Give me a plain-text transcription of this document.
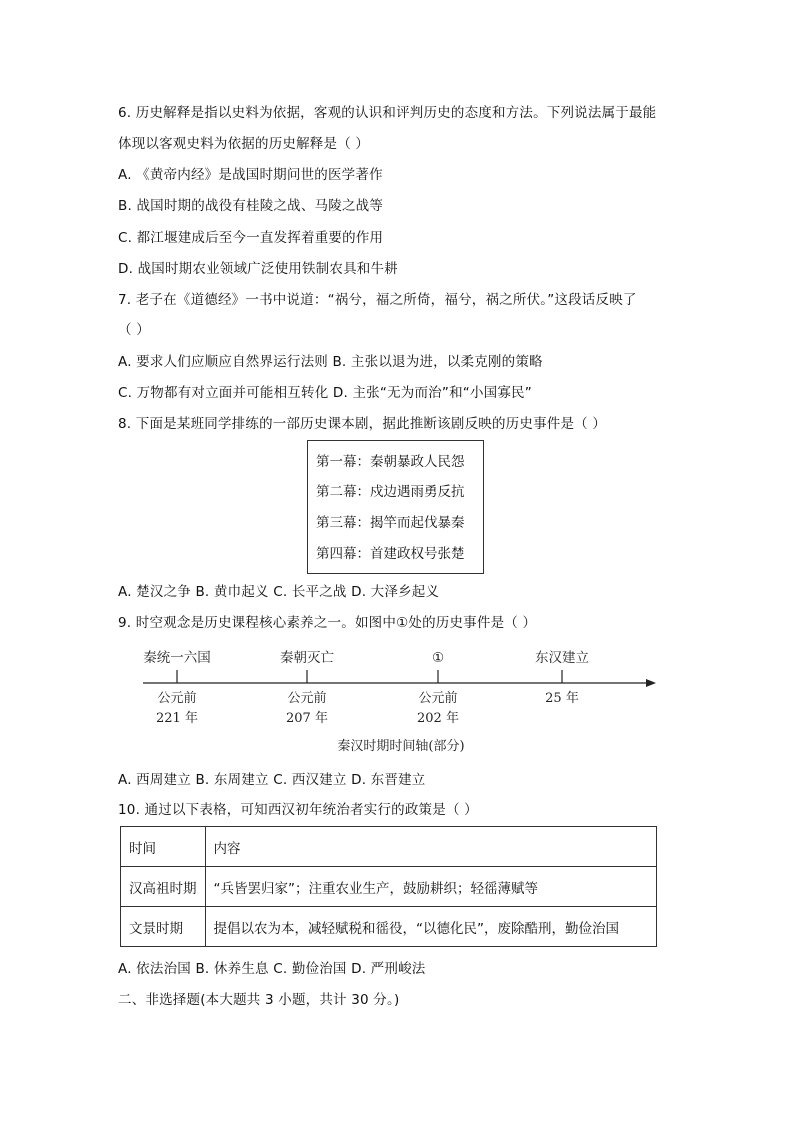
6. 历史解释是指以史料为依据，客观的认识和评判历史的态度和方法。下列说法属于最能
体现以客观史料为依据的历史解释是（ ）
A. 《黄帝内经》是战国时期问世的医学著作
B. 战国时期的战役有桂陵之战、马陵之战等
C. 都江堰建成后至今一直发挥着重要的作用
D. 战国时期农业领域广泛使用铁制农具和牛耕
7. 老子在《道德经》一书中说道：“祸兮，福之所倚，福兮，祸之所伏。”这段话反映了
（ ）
A. 要求人们应顺应自然界运行法则 B. 主张以退为进，以柔克刚的策略
C. 万物都有对立面并可能相互转化 D. 主张“无为而治”和“小国寡民”
8. 下面是某班同学排练的一部历史课本剧，据此推断该剧反映的历史事件是（ ）
第一幕：秦朝暴政人民怨
第二幕：戍边遇雨勇反抗
第三幕：揭竿而起伐暴秦
第四幕：首建政权号张楚
A. 楚汉之争 B. 黄巾起义 C. 长平之战 D. 大泽乡起义
9. 时空观念是历史课程核心素养之一。如图中①处的历史事件是（ ）
秦统一六国	秦朝灭亡	①	东汉建立
公元前
221 年
公元前
207 年
公元前
202 年
25 年
秦汉时期时间轴(部分)
A. 西周建立 B. 东周建立 C. 西汉建立 D. 东晋建立
10. 通过以下表格，可知西汉初年统治者实行的政策是（ ）
时间	内容
汉高祖时期	“兵皆罢归家”；注重农业生产，鼓励耕织；轻徭薄赋等
文景时期	提倡以农为本，减轻赋税和徭役，“以德化民”，废除酷刑，勤俭治国
A. 依法治国 B. 休养生息 C. 勤俭治国 D. 严刑峻法
二、非选择题(本大题共 3 小题，共计 30 分。)
